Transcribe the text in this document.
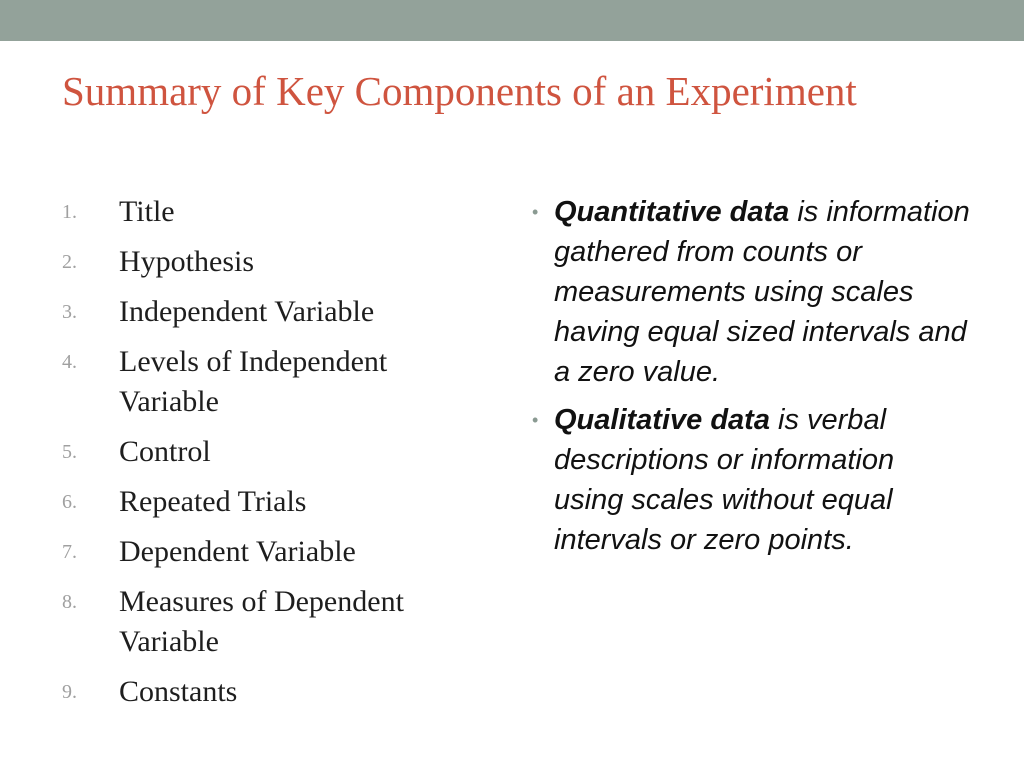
Summary of Key Components of an Experiment
1.	Title
2.	Hypothesis
3.	Independent Variable
4.	Levels of Independent Variable
5.	Control
6.	Repeated Trials
7.	Dependent Variable
8.	Measures of Dependent Variable
9.	Constants
• Quantitative data is information gathered from counts or measurements using scales having equal sized intervals and a zero value.
• Qualitative data is verbal descriptions or information using scales without equal intervals or zero points.
